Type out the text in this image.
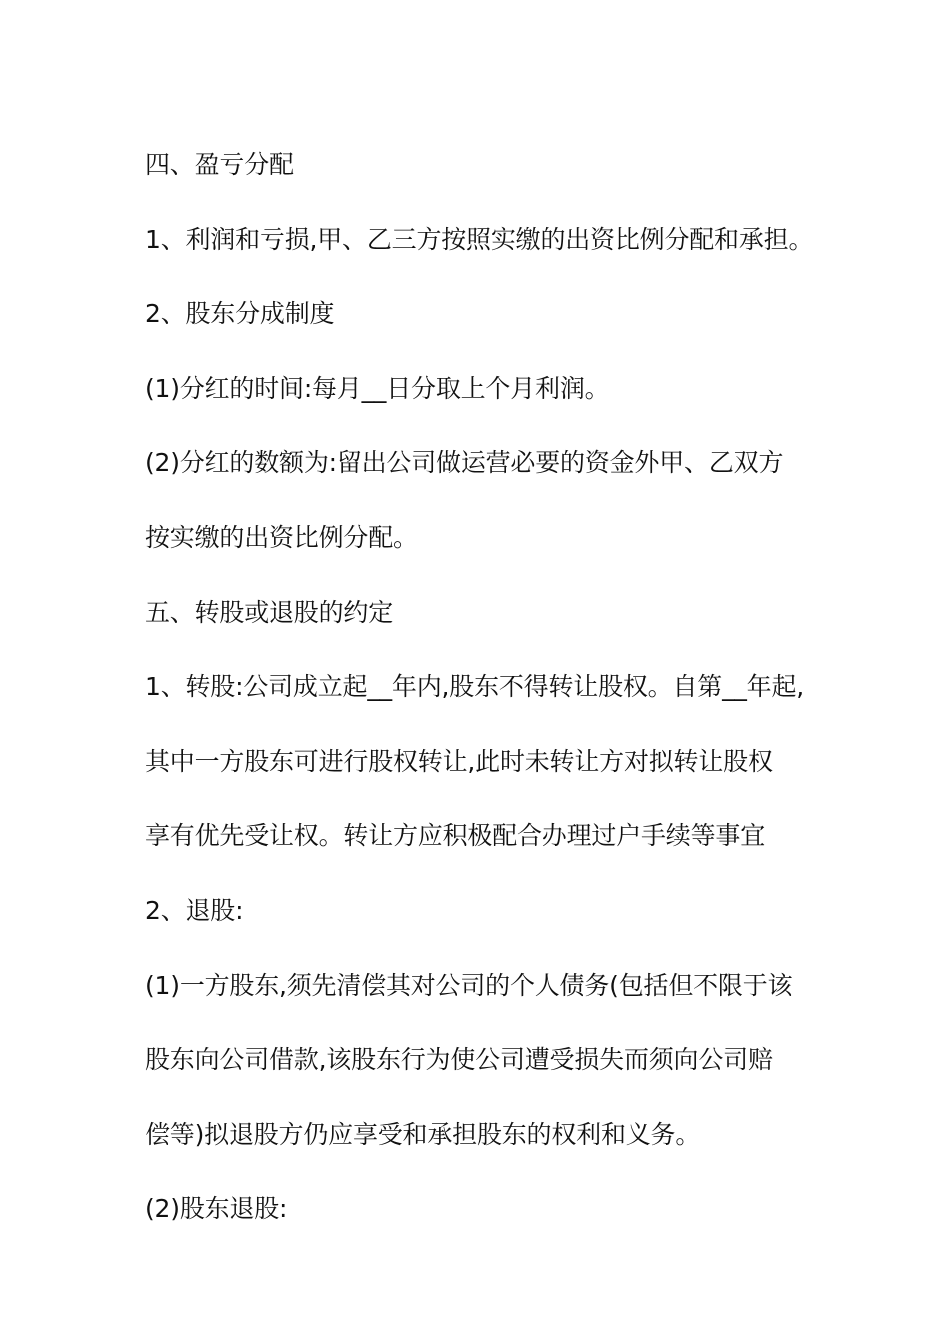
四、盈亏分配
1、利润和亏损,甲、乙三方按照实缴的出资比例分配和承担。
2、股东分成制度
(1)分红的时间:每月__日分取上个月利润。
(2)分红的数额为:留出公司做运营必要的资金外甲、乙双方
按实缴的出资比例分配。
五、转股或退股的约定
1、转股:公司成立起__年内,股东不得转让股权。自第__年起,
其中一方股东可进行股权转让,此时未转让方对拟转让股权
享有优先受让权。转让方应积极配合办理过户手续等事宜
2、退股:
(1)一方股东,须先清偿其对公司的个人债务(包括但不限于该
股东向公司借款,该股东行为使公司遭受损失而须向公司赔
偿等)拟退股方仍应享受和承担股东的权利和义务。
(2)股东退股:
